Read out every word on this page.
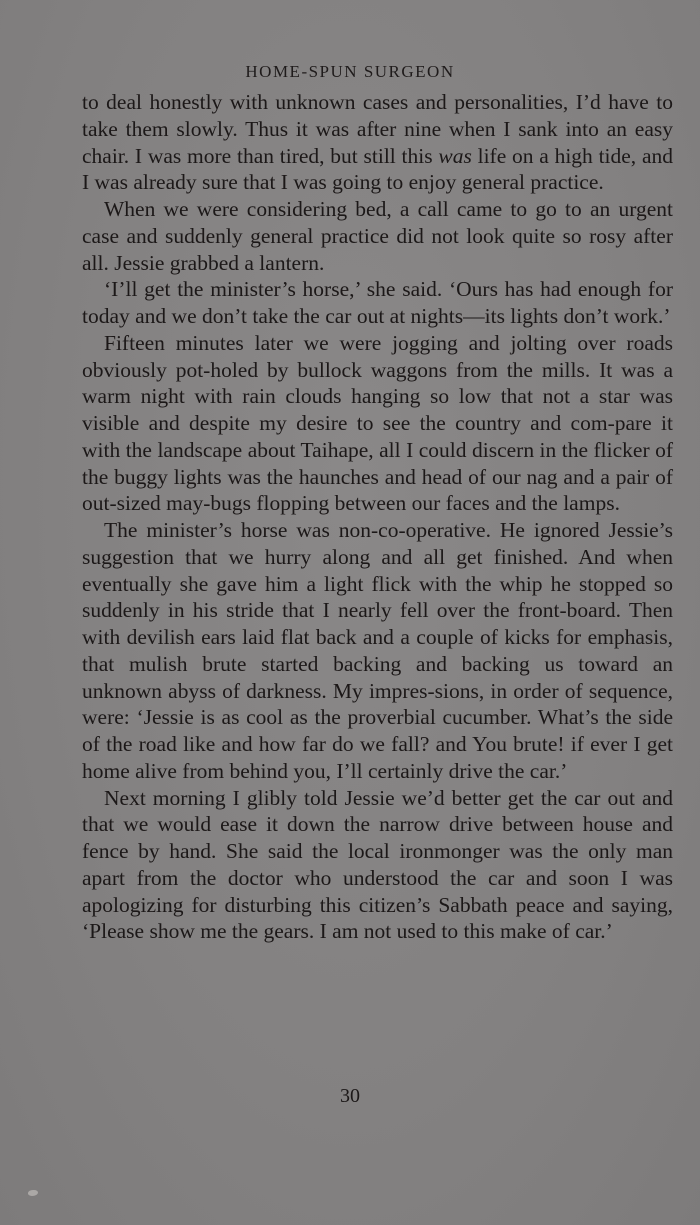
HOME-SPUN SURGEON

to deal honestly with unknown cases and personalities, I’d have to take them slowly. Thus it was after nine when I sank into an easy chair. I was more than tired, but still this was life on a high tide, and I was already sure that I was going to enjoy general practice.

When we were considering bed, a call came to go to an urgent case and suddenly general practice did not look quite so rosy after all. Jessie grabbed a lantern.

‘I’ll get the minister’s horse,’ she said. ‘Ours has had enough for today and we don’t take the car out at nights—its lights don’t work.’

Fifteen minutes later we were jogging and jolting over roads obviously pot-holed by bullock waggons from the mills. It was a warm night with rain clouds hanging so low that not a star was visible and despite my desire to see the country and com-pare it with the landscape about Taihape, all I could discern in the flicker of the buggy lights was the haunches and head of our nag and a pair of out-sized may-bugs flopping between our faces and the lamps.

The minister’s horse was non-co-operative. He ignored Jessie’s suggestion that we hurry along and all get finished. And when eventually she gave him a light flick with the whip he stopped so suddenly in his stride that I nearly fell over the front-board. Then with devilish ears laid flat back and a couple of kicks for emphasis, that mulish brute started backing and backing us toward an unknown abyss of darkness. My impres-sions, in order of sequence, were: ‘Jessie is as cool as the proverbial cucumber. What’s the side of the road like and how far do we fall? and You brute! if ever I get home alive from behind you, I’ll certainly drive the car.’

Next morning I glibly told Jessie we’d better get the car out and that we would ease it down the narrow drive between house and fence by hand. She said the local ironmonger was the only man apart from the doctor who understood the car and soon I was apologizing for disturbing this citizen’s Sabbath peace and saying, ‘Please show me the gears. I am not used to this make of car.’

30
